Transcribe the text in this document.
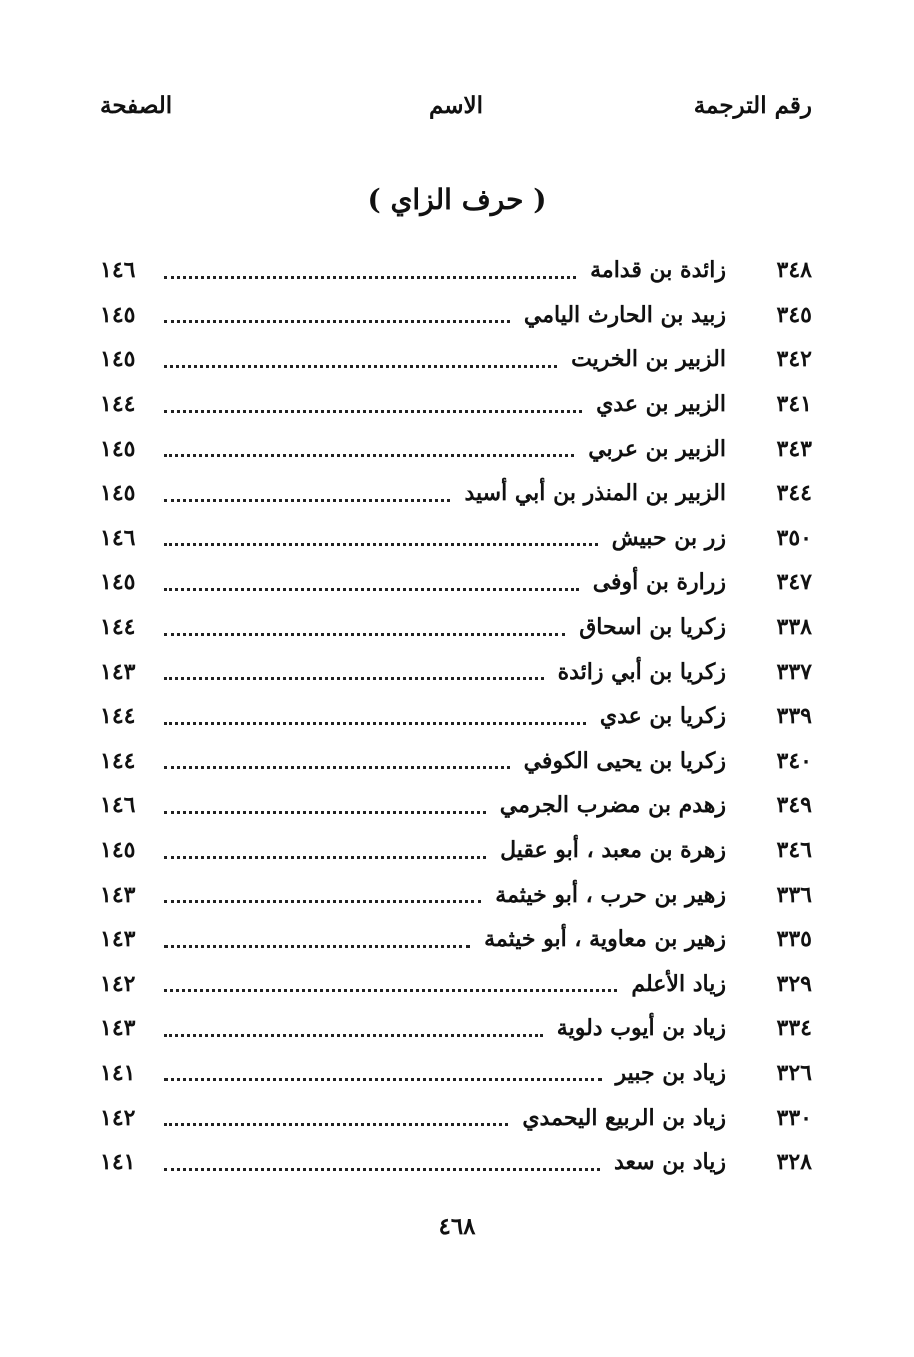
رقم الترجمة
الاسم
الصفحة
( حرف الزاي )
٣٤٨
زائدة بن قدامة
١٤٦
٣٤٥
زبيد بن الحارث اليامي
١٤٥
٣٤٢
الزبير بن الخريت
١٤٥
٣٤١
الزبير بن عدي
١٤٤
٣٤٣
الزبير بن عربي
١٤٥
٣٤٤
الزبير بن المنذر بن أبي أسيد
١٤٥
٣٥٠
زر بن حبيش
١٤٦
٣٤٧
زرارة بن أوفى
١٤٥
٣٣٨
زكريا بن اسحاق
١٤٤
٣٣٧
زكريا بن أبي زائدة
١٤٣
٣٣٩
زكريا بن عدي
١٤٤
٣٤٠
زكريا بن يحيى الكوفي
١٤٤
٣٤٩
زهدم بن مضرب الجرمي
١٤٦
٣٤٦
زهرة بن معبد ، أبو عقيل
١٤٥
٣٣٦
زهير بن حرب ، أبو خيثمة
١٤٣
٣٣٥
زهير بن معاوية ، أبو خيثمة
١٤٣
٣٢٩
زياد الأعلم
١٤٢
٣٣٤
زياد بن أيوب دلوية
١٤٣
٣٢٦
زياد بن جبير
١٤١
٣٣٠
زياد بن الربيع اليحمدي
١٤٢
٣٢٨
زياد بن سعد
١٤١
٤٦٨
